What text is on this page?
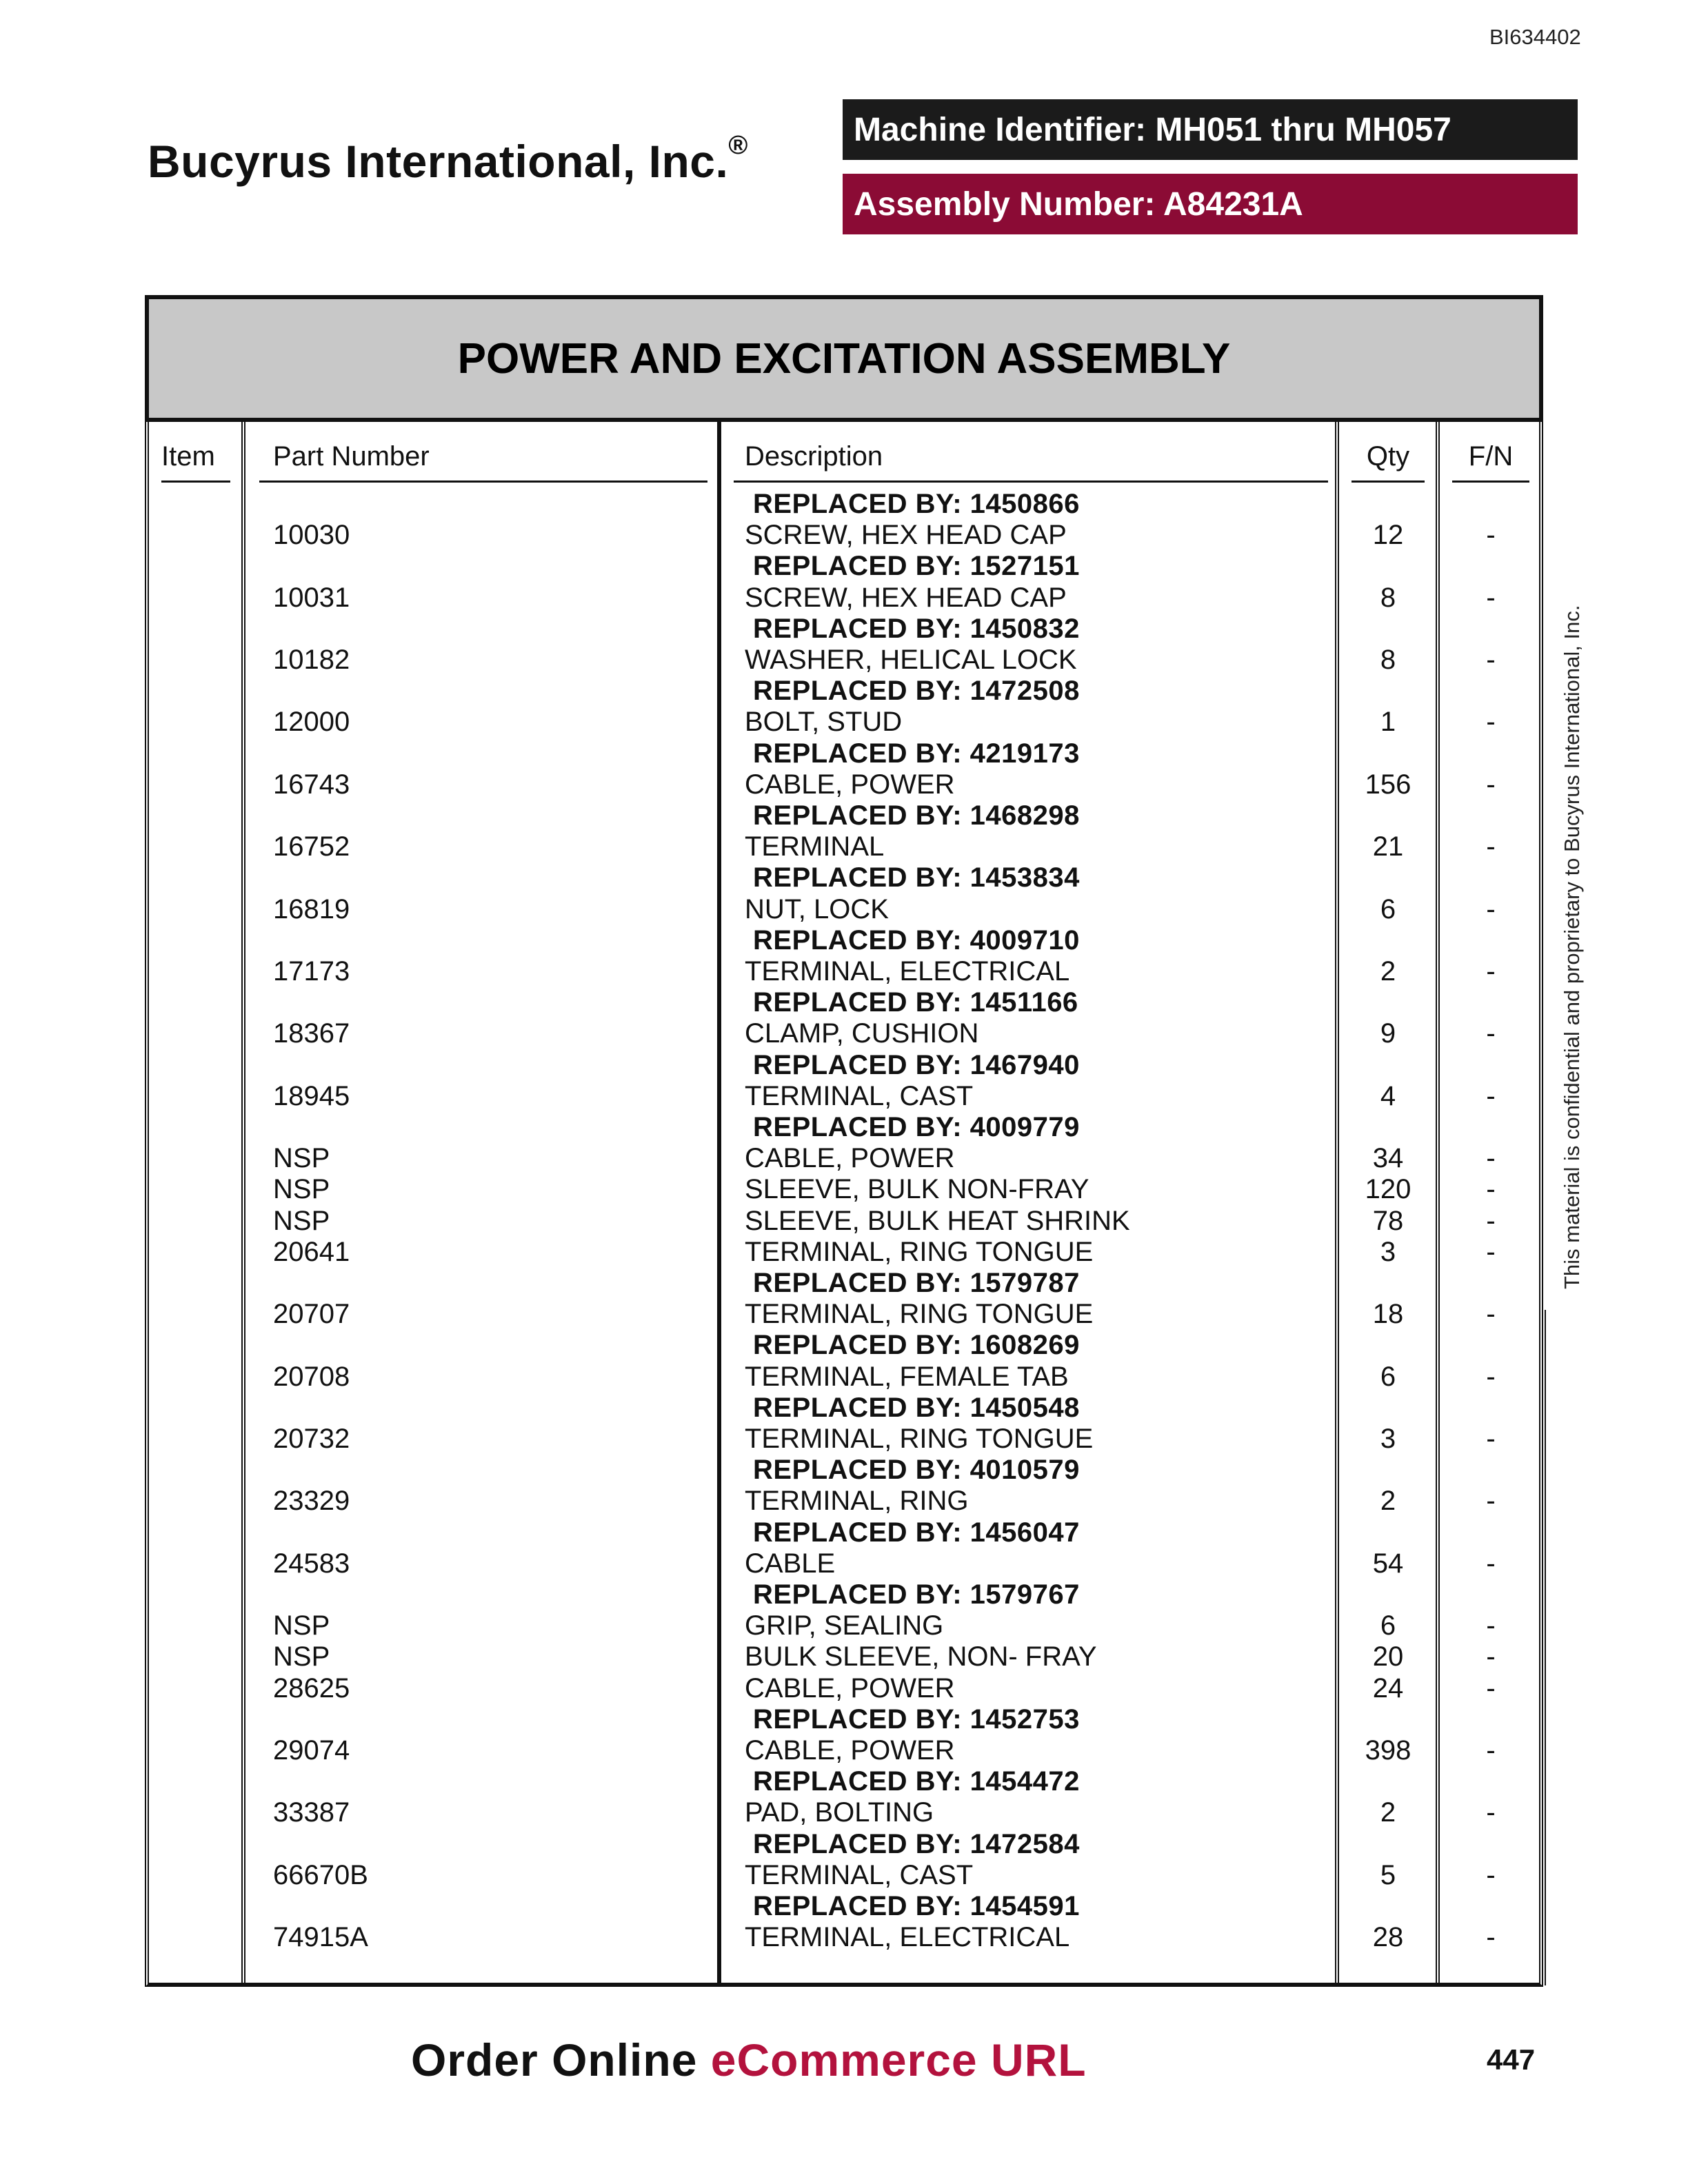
BI634402
Bucyrus International, Inc.®	Machine Identifier: MH051 thru MH057
Assembly Number: A84231A
POWER AND EXCITATION ASSEMBLY
Item	Part Number	Description	Qty	F/N
REPLACED BY: 1450866
10030	SCREW, HEX HEAD CAP	12	-
REPLACED BY: 1527151
10031	SCREW, HEX HEAD CAP	8	-
REPLACED BY: 1450832
10182	WASHER, HELICAL LOCK	8	-
REPLACED BY: 1472508
12000	BOLT, STUD	1	-
REPLACED BY: 4219173
16743	CABLE, POWER	156	-
REPLACED BY: 1468298
16752	TERMINAL	21	-
REPLACED BY: 1453834
16819	NUT, LOCK	6	-
REPLACED BY: 4009710
17173	TERMINAL, ELECTRICAL	2	-
REPLACED BY: 1451166
18367	CLAMP, CUSHION	9	-
REPLACED BY: 1467940
18945	TERMINAL, CAST	4	-
REPLACED BY: 4009779
NSP	CABLE, POWER	34	-
NSP	SLEEVE, BULK NON-FRAY	120	-
NSP	SLEEVE, BULK HEAT SHRINK	78	-
20641	TERMINAL, RING TONGUE	3	-
REPLACED BY: 1579787
20707	TERMINAL, RING TONGUE	18	-
REPLACED BY: 1608269
20708	TERMINAL, FEMALE TAB	6	-
REPLACED BY: 1450548
20732	TERMINAL, RING TONGUE	3	-
REPLACED BY: 4010579
23329	TERMINAL, RING	2	-
REPLACED BY: 1456047
24583	CABLE	54	-
REPLACED BY: 1579767
NSP	GRIP, SEALING	6	-
NSP	BULK SLEEVE, NON- FRAY	20	-
28625	CABLE, POWER	24	-
REPLACED BY: 1452753
29074	CABLE, POWER	398	-
REPLACED BY: 1454472
33387	PAD, BOLTING	2	-
REPLACED BY: 1472584
66670B	TERMINAL, CAST	5	-
REPLACED BY: 1454591
74915A	TERMINAL, ELECTRICAL	28	-
This material is confidential and proprietary to Bucyrus International, Inc.
Order Online eCommerce URL	447
